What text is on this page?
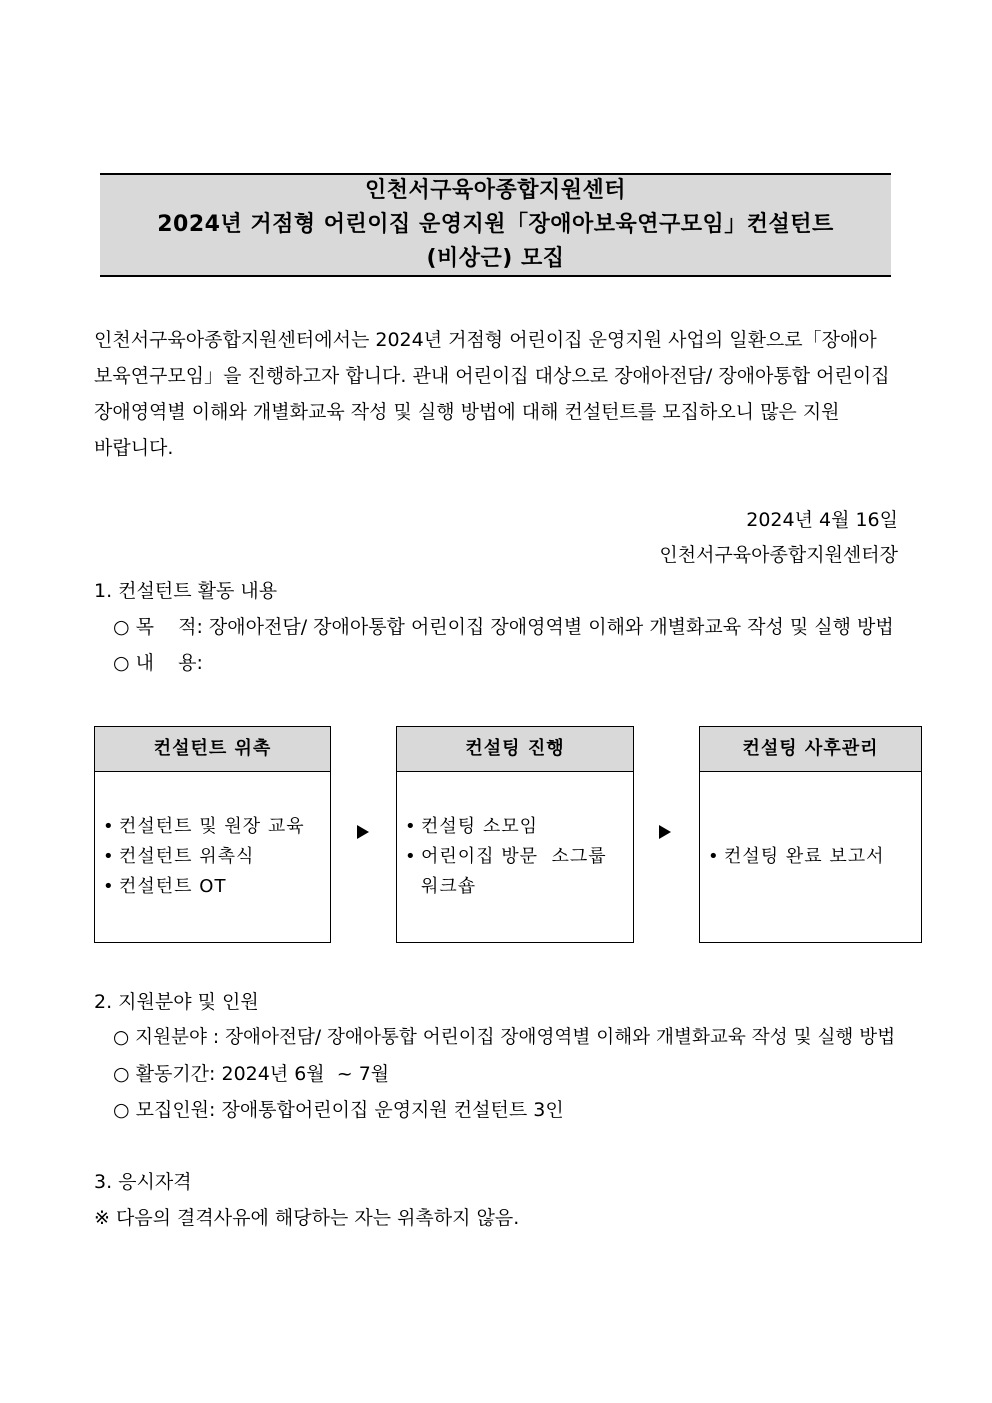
인천서구육아종합지원센터
2024년 거점형 어린이집 운영지원「장애아보육연구모임」컨설턴트
(비상근) 모집
인천서구육아종합지원센터에서는 2024년 거점형 어린이집 운영지원 사업의 일환으로「장애아
보육연구모임」을 진행하고자 합니다. 관내 어린이집 대상으로 장애아전담/ 장애아통합 어린이집
장애영역별 이해와 개별화교육 작성 및 실행 방법에 대해 컨설턴트를 모집하오니 많은 지원
바랍니다.
2024년 4월 16일
인천서구육아종합지원센터장
1. 컨설턴트 활동 내용
○ 목    적: 장애아전담/ 장애아통합 어린이집 장애영역별 이해와 개별화교육 작성 및 실행 방법
○ 내    용:
컨설턴트 위촉
• 컨설턴트 및 원장 교육
• 컨설턴트 위촉식
• 컨설턴트 OT
컨설팅 진행
• 컨설팅 소모임
• 어린이집 방문  소그룹
워크숍
컨설팅 사후관리
• 컨설팅 완료 보고서
2. 지원분야 및 인원
○ 지원분야 : 장애아전담/ 장애아통합 어린이집 장애영역별 이해와 개별화교육 작성 및 실행 방법
○ 활동기간: 2024년 6월  ~ 7월
○ 모집인원: 장애통합어린이집 운영지원 컨설턴트 3인
3. 응시자격
※ 다음의 결격사유에 해당하는 자는 위촉하지 않음.
